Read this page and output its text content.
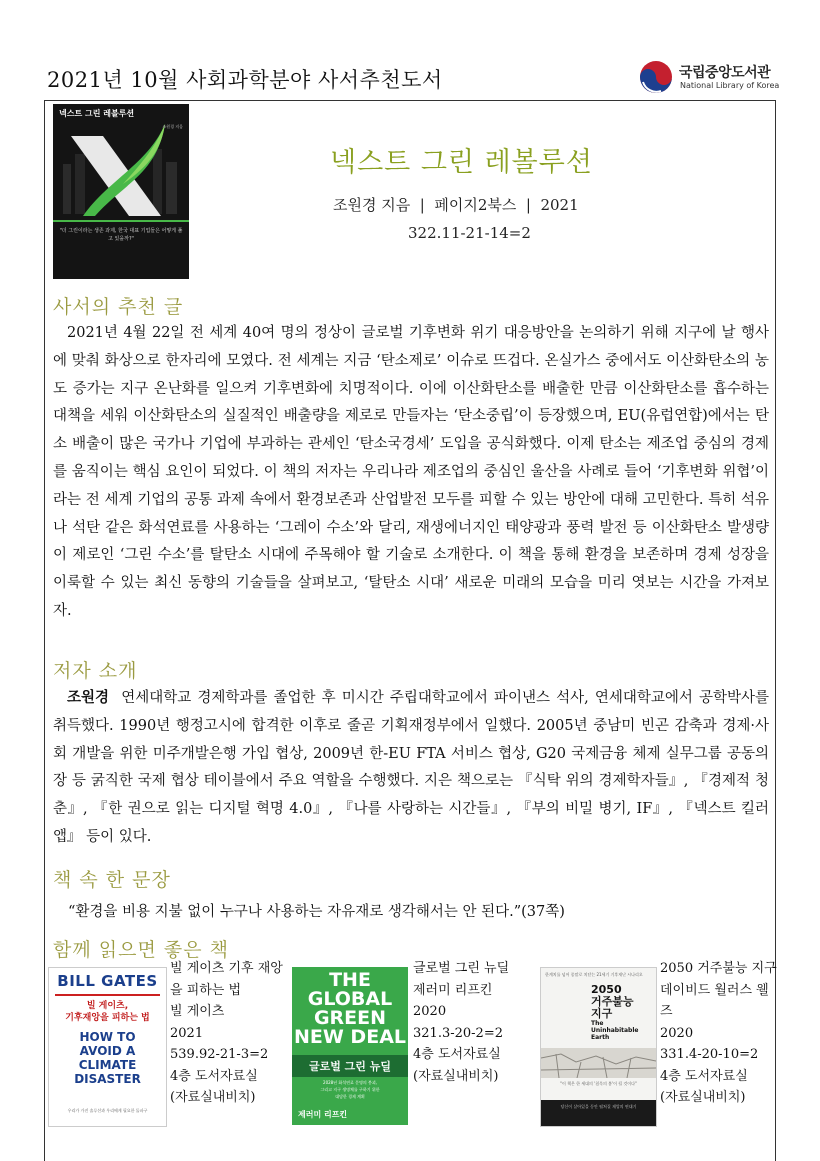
2021년 10월 사회과학분야 사서추천도서	국립중앙도서관
National Library of Korea
넥스트 그린 레볼루션
조원경 지음
"더 그린이라는 생존 과제, 한국 대표 기업들은 어떻게 풀고 있을까?"
넥스트 그린 레볼루션
조원경 지음  |  페이지2북스  |  2021
322.11-21-14=2
사서의 추천 글

2021년 4월 22일 전 세계 40여 명의 정상이 글로벌 기후변화 위기 대응방안을 논의하기 위해 지구에 날 행사에 맞춰 화상으로 한자리에 모였다. 전 세계는 지금 ‘탄소제로’ 이슈로 뜨겁다. 온실가스 중에서도 이산화탄소의 농도 증가는 지구 온난화를 일으켜 기후변화에 치명적이다. 이에 이산화탄소를 배출한 만큼 이산화탄소를 흡수하는 대책을 세워 이산화탄소의 실질적인 배출량을 제로로 만들자는 ‘탄소중립’이 등장했으며, EU(유럽연합)에서는 탄소 배출이 많은 국가나 기업에 부과하는 관세인 ‘탄소국경세’ 도입을 공식화했다. 이제 탄소는 제조업 중심의 경제를 움직이는 핵심 요인이 되었다. 이 책의 저자는 우리나라 제조업의 중심인 울산을 사례로 들어 ‘기후변화 위협’이라는 전 세계 기업의 공통 과제 속에서 환경보존과 산업발전 모두를 피할 수 있는 방안에 대해 고민한다. 특히 석유나 석탄 같은 화석연료를 사용하는 ‘그레이 수소’와 달리, 재생에너지인 태양광과 풍력 발전 등 이산화탄소 발생량이 제로인 ‘그린 수소’를 탈탄소 시대에 주목해야 할 기술로 소개한다. 이 책을 통해 환경을 보존하며 경제 성장을 이룩할 수 있는 최신 동향의 기술들을 살펴보고, ‘탈탄소 시대’ 새로운 미래의 모습을 미리 엿보는 시간을 가져보자.

저자 소개

조원경 연세대학교 경제학과를 졸업한 후 미시간 주립대학교에서 파이낸스 석사, 연세대학교에서 공학박사를 취득했다. 1990년 행정고시에 합격한 이후로 줄곧 기획재정부에서 일했다. 2005년 중남미 빈곤 감축과 경제·사회 개발을 위한 미주개발은행 가입 협상, 2009년 한-EU FTA 서비스 협상, G20 국제금융 체제 실무그룹 공동의장 등 굵직한 국제 협상 테이블에서 주요 역할을 수행했다. 지은 책으로는 『식탁 위의 경제학자들』, 『경제적 청춘』, 『한 권으로 읽는 디지털 혁명 4.0』, 『나를 사랑하는 시간들』, 『부의 비밀 병기, IF』, 『넥스트 킬러앱』 등이 있다.

책 속 한 문장
“환경을 비용 지불 없이 누구나 사용하는 자유재로 생각해서는 안 된다.”(37쪽)
함께 읽으면 좋은 책
BILL GATES
빌 게이츠,
기후재앙을 피하는 법
HOW TO
AVOID A
CLIMATE
DISASTER
우리가 가진 솔루션과 우리에게 필요한 돌파구
빌 게이츠 기후 재앙을 피하는 법
빌 게이츠
2021
539.92-21-3=2
4층 도서자료실
(자료실내비치)
THE
GLOBAL
GREEN
NEW DEAL
글로벌 그린 뉴딜
2028년 화석연료 문명의 붕괴,
그리고 지구 생명체를 구하기 위한
대담한 경제 계획
제러미 리프킨
글로벌 그린 뉴딜
제러미 리프킨
2020
321.3-20-2=2
4층 도서자료실
(자료실내비치)
한계치를 넘어 종말로 치닫는 21세기 기후재난 시나리오
2050
거주불능
지구
The
Uninhabitable
Earth
"이 책은 한 세대의 '침묵의 봄'이 될 것이다"
당신이 살아있을 동안 펼쳐질 재앙의 연대기
2050 거주불능 지구
데이비드 월러스 웰즈
2020
331.4-20-10=2
4층 도서자료실
(자료실내비치)
